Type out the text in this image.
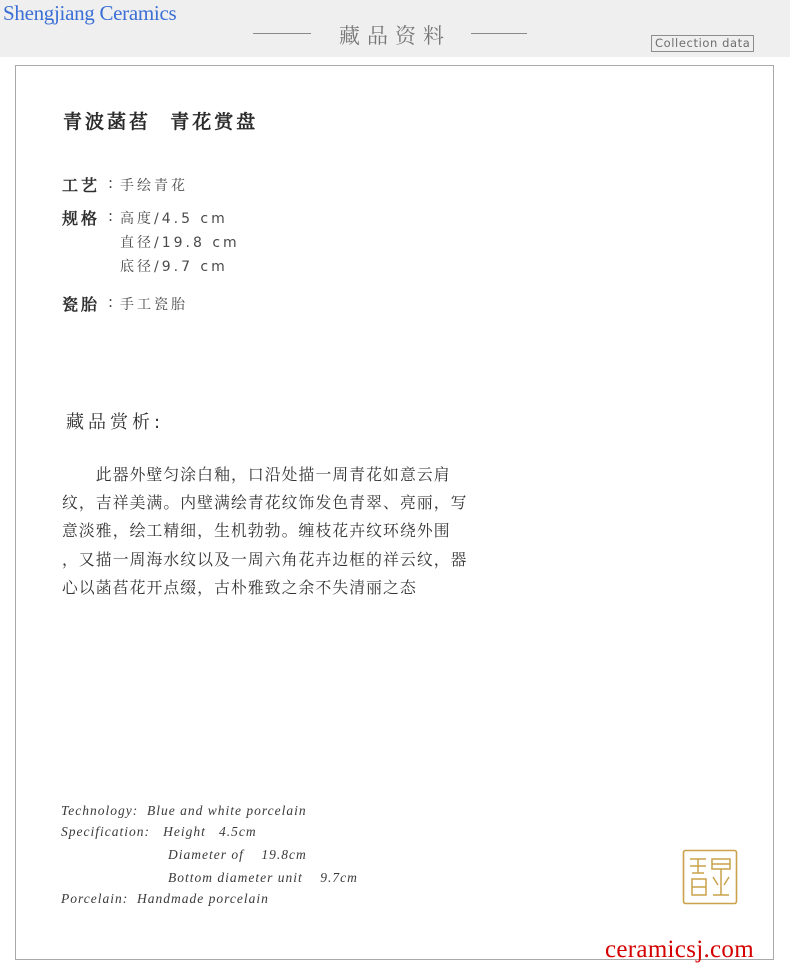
Shengjiang Ceramics
藏品资料	Collection data
青波菡萏  青花赏盘
工艺 : 手绘青花
规格 : 高度/4.5 cm
直径/19.8 cm
底径/9.7 cm
瓷胎 : 手工瓷胎
藏品赏析:
　　此器外壁匀涂白釉，口沿处描一周青花如意云肩
纹，吉祥美满。内壁满绘青花纹饰发色青翠、亮丽，写
意淡雅，绘工精细，生机勃勃。缠枝花卉纹环绕外围
，又描一周海水纹以及一周六角花卉边框的祥云纹，器
心以菡萏花开点缀，古朴雅致之余不失清丽之态
Technology:  Blue and white porcelain
Specification:   Height   4.5cm
Diameter of    19.8cm
Bottom diameter unit    9.7cm
Porcelain:  Handmade porcelain
ceramicsj.com
